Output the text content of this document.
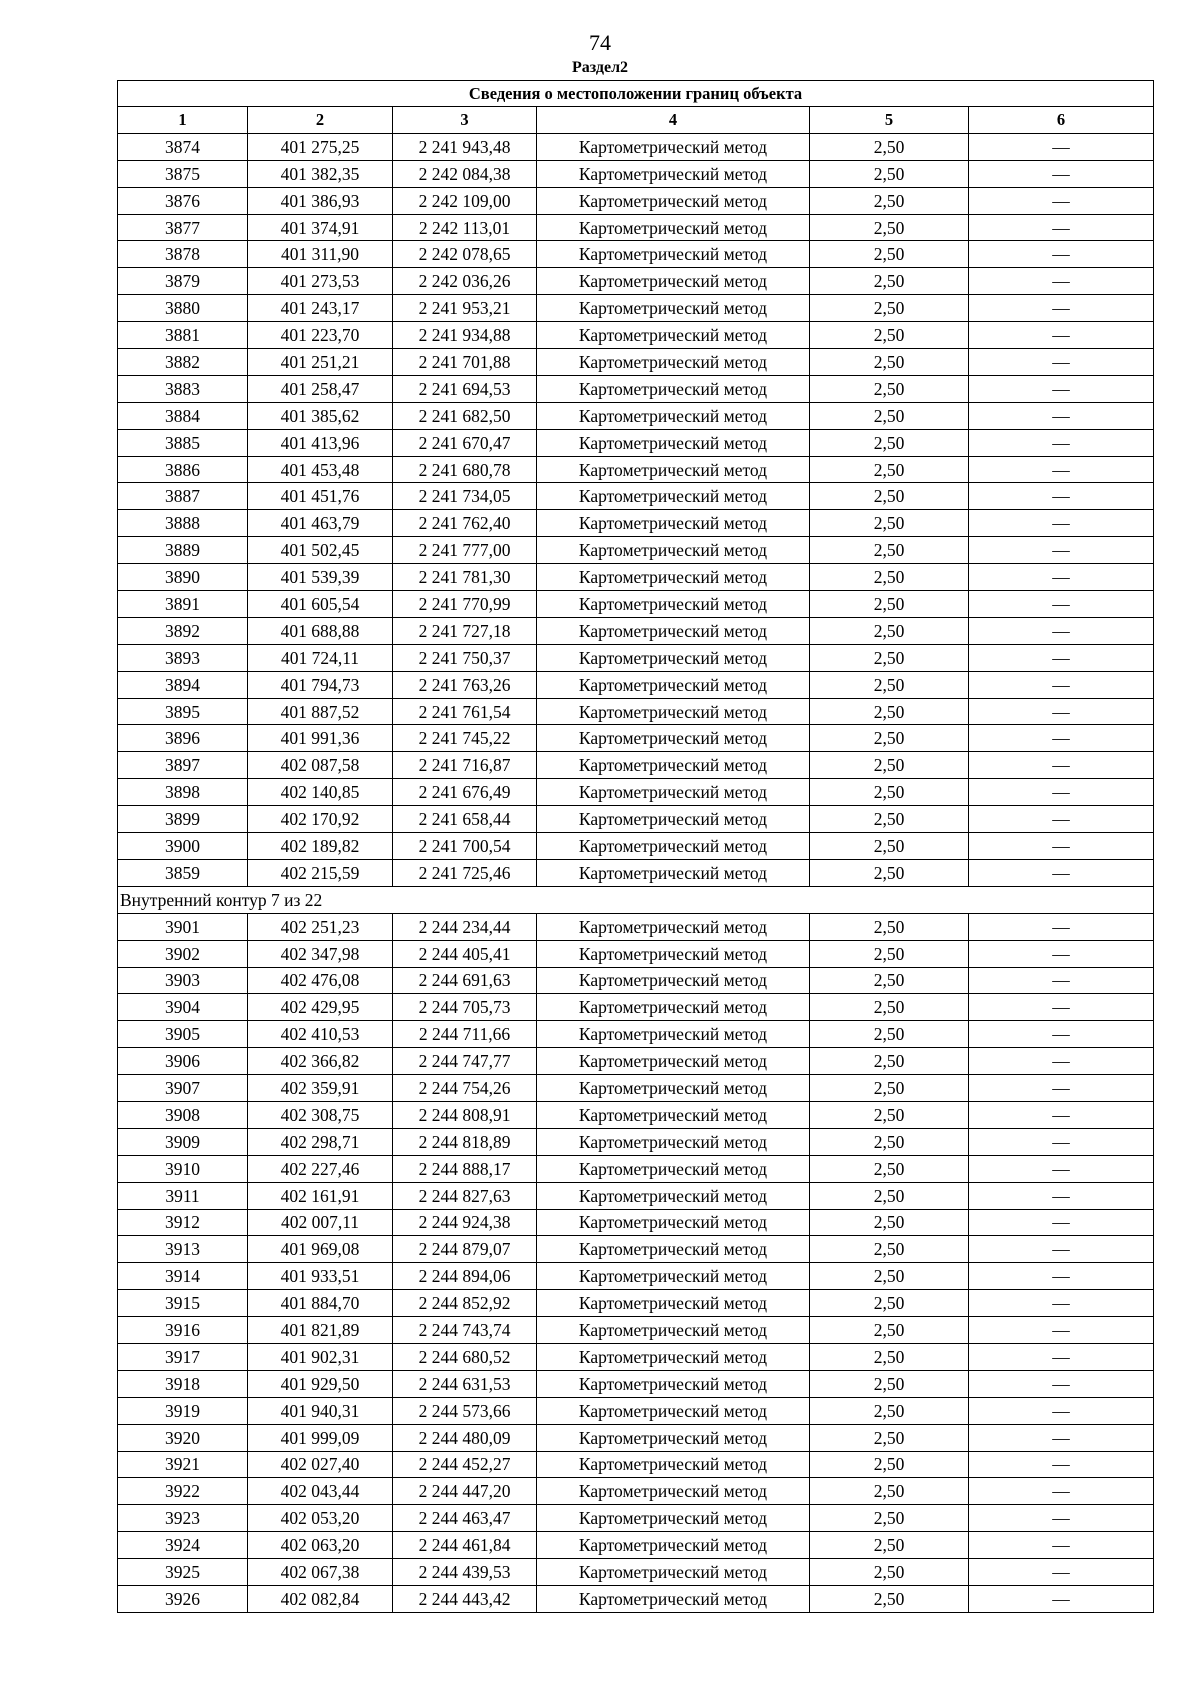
74
Раздел2
Сведения о местоположении границ объекта					
1	2	3	4	5	6
3874	401 275,25	2 241 943,48	Картометрический метод	2,50	—
3875	401 382,35	2 242 084,38	Картометрический метод	2,50	—
3876	401 386,93	2 242 109,00	Картометрический метод	2,50	—
3877	401 374,91	2 242 113,01	Картометрический метод	2,50	—
3878	401 311,90	2 242 078,65	Картометрический метод	2,50	—
3879	401 273,53	2 242 036,26	Картометрический метод	2,50	—
3880	401 243,17	2 241 953,21	Картометрический метод	2,50	—
3881	401 223,70	2 241 934,88	Картометрический метод	2,50	—
3882	401 251,21	2 241 701,88	Картометрический метод	2,50	—
3883	401 258,47	2 241 694,53	Картометрический метод	2,50	—
3884	401 385,62	2 241 682,50	Картометрический метод	2,50	—
3885	401 413,96	2 241 670,47	Картометрический метод	2,50	—
3886	401 453,48	2 241 680,78	Картометрический метод	2,50	—
3887	401 451,76	2 241 734,05	Картометрический метод	2,50	—
3888	401 463,79	2 241 762,40	Картометрический метод	2,50	—
3889	401 502,45	2 241 777,00	Картометрический метод	2,50	—
3890	401 539,39	2 241 781,30	Картометрический метод	2,50	—
3891	401 605,54	2 241 770,99	Картометрический метод	2,50	—
3892	401 688,88	2 241 727,18	Картометрический метод	2,50	—
3893	401 724,11	2 241 750,37	Картометрический метод	2,50	—
3894	401 794,73	2 241 763,26	Картометрический метод	2,50	—
3895	401 887,52	2 241 761,54	Картометрический метод	2,50	—
3896	401 991,36	2 241 745,22	Картометрический метод	2,50	—
3897	402 087,58	2 241 716,87	Картометрический метод	2,50	—
3898	402 140,85	2 241 676,49	Картометрический метод	2,50	—
3899	402 170,92	2 241 658,44	Картометрический метод	2,50	—
3900	402 189,82	2 241 700,54	Картометрический метод	2,50	—
3859	402 215,59	2 241 725,46	Картометрический метод	2,50	—
Внутренний контур 7 из 22					
3901	402 251,23	2 244 234,44	Картометрический метод	2,50	—
3902	402 347,98	2 244 405,41	Картометрический метод	2,50	—
3903	402 476,08	2 244 691,63	Картометрический метод	2,50	—
3904	402 429,95	2 244 705,73	Картометрический метод	2,50	—
3905	402 410,53	2 244 711,66	Картометрический метод	2,50	—
3906	402 366,82	2 244 747,77	Картометрический метод	2,50	—
3907	402 359,91	2 244 754,26	Картометрический метод	2,50	—
3908	402 308,75	2 244 808,91	Картометрический метод	2,50	—
3909	402 298,71	2 244 818,89	Картометрический метод	2,50	—
3910	402 227,46	2 244 888,17	Картометрический метод	2,50	—
3911	402 161,91	2 244 827,63	Картометрический метод	2,50	—
3912	402 007,11	2 244 924,38	Картометрический метод	2,50	—
3913	401 969,08	2 244 879,07	Картометрический метод	2,50	—
3914	401 933,51	2 244 894,06	Картометрический метод	2,50	—
3915	401 884,70	2 244 852,92	Картометрический метод	2,50	—
3916	401 821,89	2 244 743,74	Картометрический метод	2,50	—
3917	401 902,31	2 244 680,52	Картометрический метод	2,50	—
3918	401 929,50	2 244 631,53	Картометрический метод	2,50	—
3919	401 940,31	2 244 573,66	Картометрический метод	2,50	—
3920	401 999,09	2 244 480,09	Картометрический метод	2,50	—
3921	402 027,40	2 244 452,27	Картометрический метод	2,50	—
3922	402 043,44	2 244 447,20	Картометрический метод	2,50	—
3923	402 053,20	2 244 463,47	Картометрический метод	2,50	—
3924	402 063,20	2 244 461,84	Картометрический метод	2,50	—
3925	402 067,38	2 244 439,53	Картометрический метод	2,50	—
3926	402 082,84	2 244 443,42	Картометрический метод	2,50	—
